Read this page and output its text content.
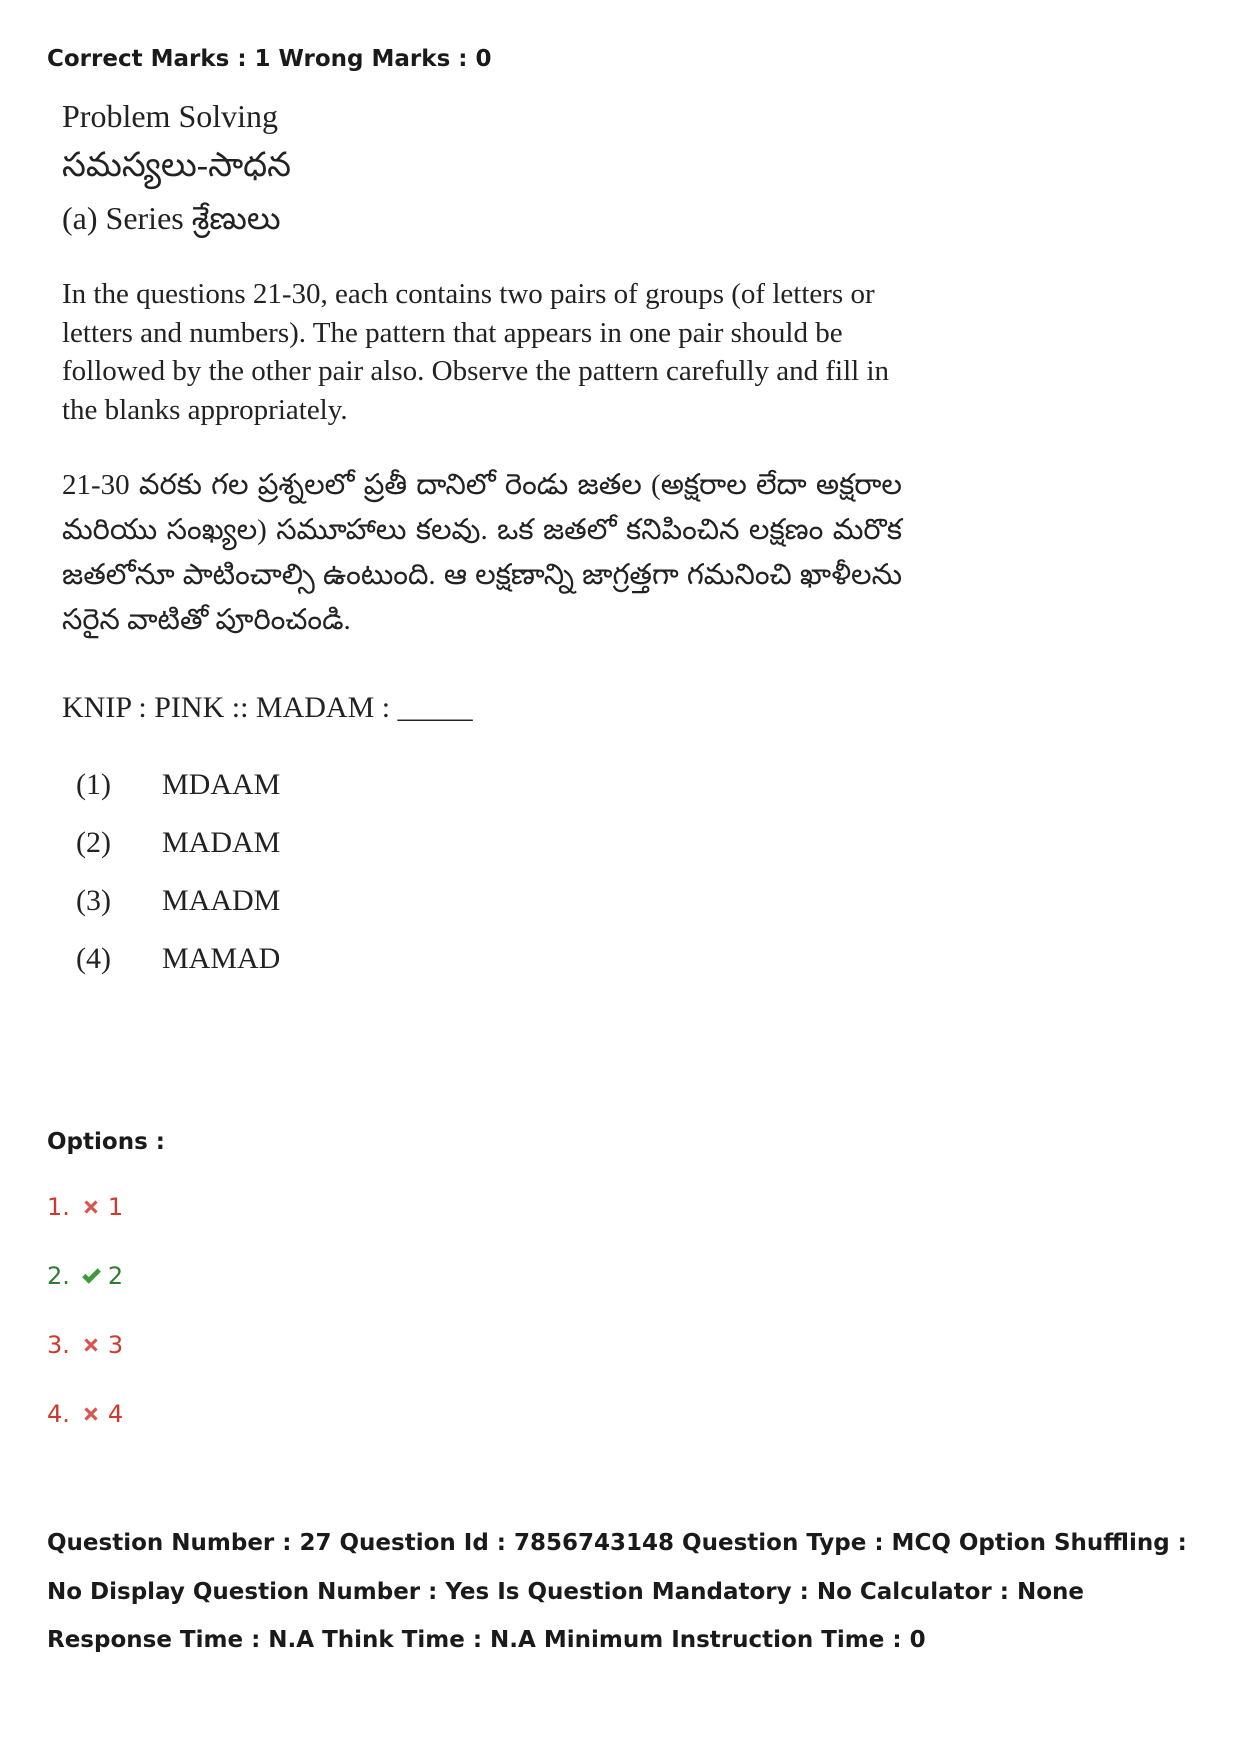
Correct Marks : 1 Wrong Marks : 0

Problem Solving

సమస్యలు-సాధన

(a) Series శ్రేణులు

In the questions 21-30, each contains two pairs of groups (of letters or letters and numbers). The pattern that appears in one pair should be followed by the other pair also. Observe the pattern carefully and fill in the blanks appropriately.

21-30 వరకు గల ప్రశ్నలలో ప్రతీ దానిలో రెండు జతల (అక్షరాల లేదా అక్షరాల మరియు సంఖ్యల) సమూహాలు కలవు. ఒక జతలో కనిపించిన లక్షణం మరొక జతలోనూ పాటించాల్సి ఉంటుంది. ఆ లక్షణాన్ని జాగ్రత్తగా గమనించి ఖాళీలను సరైన వాటితో పూరించండి.

KNIP : PINK :: MADAM : _____

(1)	MDAAM
(2)	MADAM
(3)	MAADM
(4)	MAMAD

Options :

1. 1
2. 2
3. 3
4. 4

Question Number : 27 Question Id : 7856743148 Question Type : MCQ Option Shuffling : No Display Question Number : Yes Is Question Mandatory : No Calculator : None Response Time : N.A Think Time : N.A Minimum Instruction Time : 0
